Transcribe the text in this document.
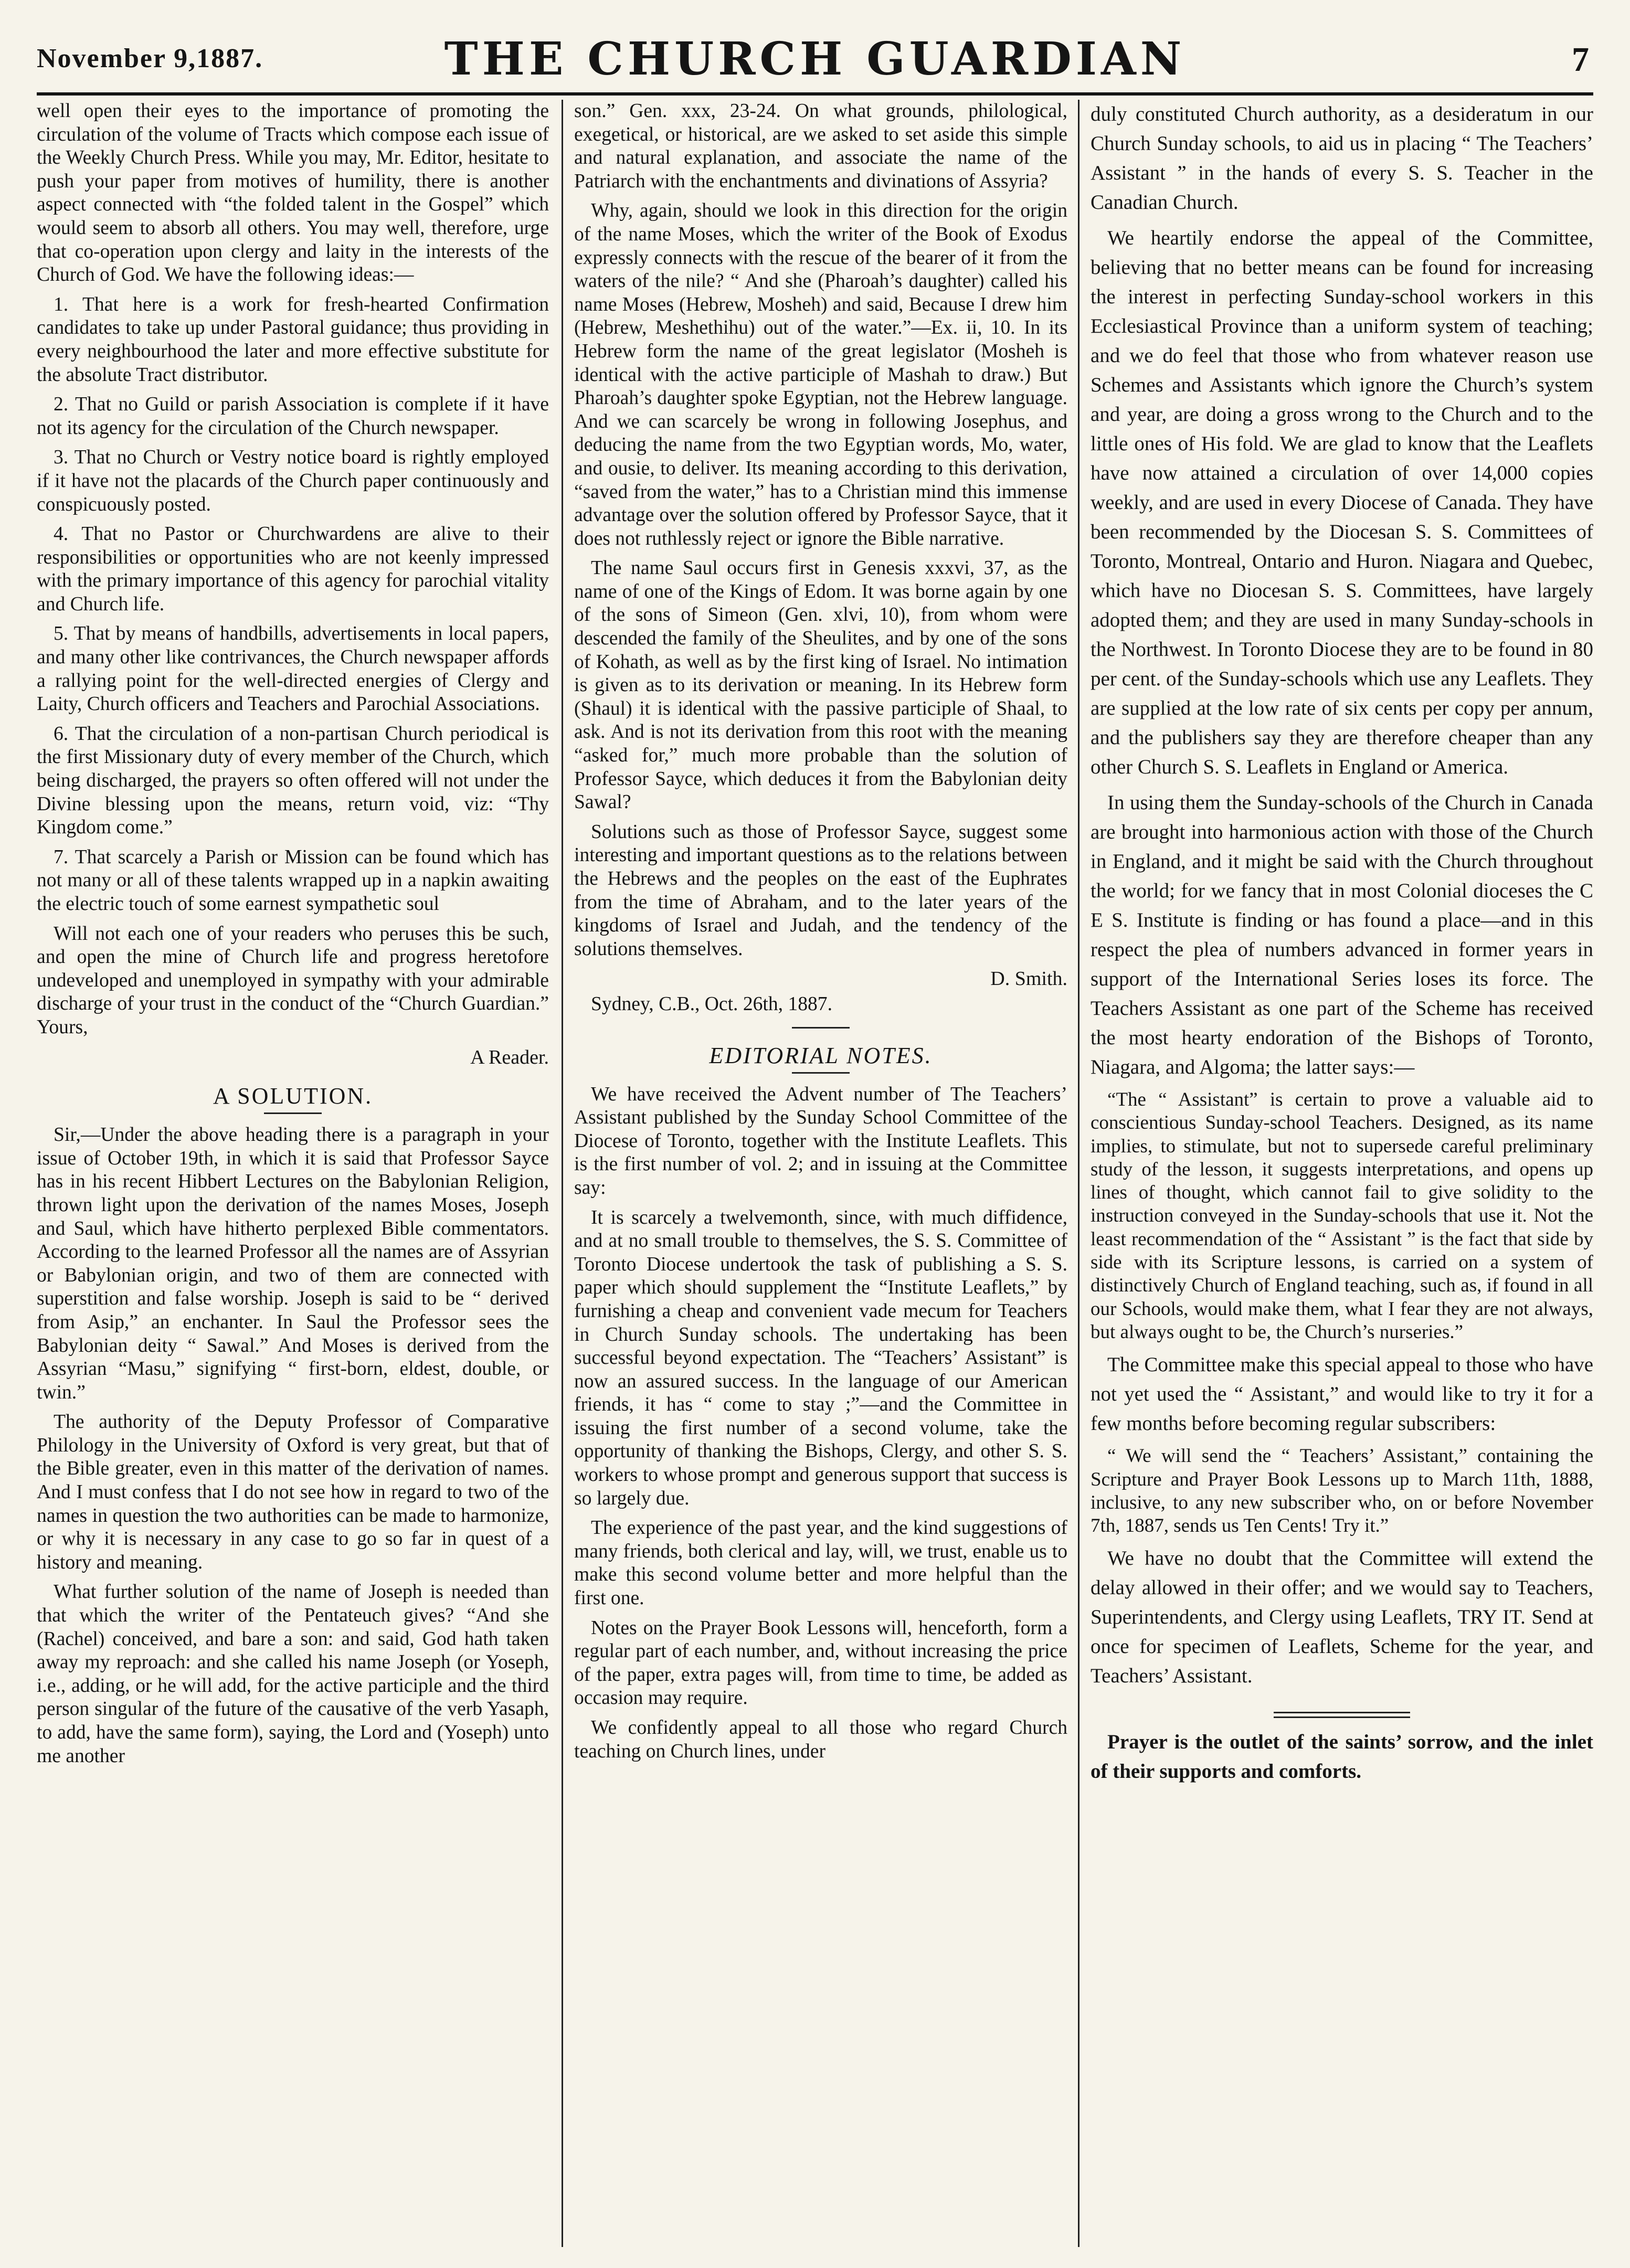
November 9,1887.	THE CHURCH GUARDIAN	7

well open their eyes to the importance of promoting the circulation of the volume of Tracts which compose each issue of the Weekly Church Press. While you may, Mr. Editor, hesitate to push your paper from motives of humility, there is another aspect connected with “the folded talent in the Gospel” which would seem to absorb all others. You may well, therefore, urge that co-operation upon clergy and laity in the interests of the Church of God. We have the following ideas:—

1. That here is a work for fresh-hearted Confirmation candidates to take up under Pastoral guidance; thus providing in every neighbourhood the later and more effective substitute for the absolute Tract distributor.

2. That no Guild or parish Association is complete if it have not its agency for the circulation of the Church newspaper.

3. That no Church or Vestry notice board is rightly employed if it have not the placards of the Church paper continuously and conspicuously posted.

4. That no Pastor or Churchwardens are alive to their responsibilities or opportunities who are not keenly impressed with the primary importance of this agency for parochial vitality and Church life.

5. That by means of handbills, advertisements in local papers, and many other like contrivances, the Church newspaper affords a rallying point for the well-directed energies of Clergy and Laity, Church officers and Teachers and Parochial Associations.

6. That the circulation of a non-partisan Church periodical is the first Missionary duty of every member of the Church, which being discharged, the prayers so often offered will not under the Divine blessing upon the means, return void, viz: “Thy Kingdom come.”

7. That scarcely a Parish or Mission can be found which has not many or all of these talents wrapped up in a napkin awaiting the electric touch of some earnest sympathetic soul

Will not each one of your readers who peruses this be such, and open the mine of Church life and progress heretofore undeveloped and unemployed in sympathy with your admirable discharge of your trust in the conduct of the “Church Guardian.” Yours,

A Reader.

A SOLUTION.

Sir,—Under the above heading there is a paragraph in your issue of October 19th, in which it is said that Professor Sayce has in his recent Hibbert Lectures on the Babylonian Religion, thrown light upon the derivation of the names Moses, Joseph and Saul, which have hitherto perplexed Bible commentators. According to the learned Professor all the names are of Assyrian or Babylonian origin, and two of them are connected with superstition and false worship. Joseph is said to be “ derived from Asip,” an enchanter. In Saul the Professor sees the Babylonian deity “ Sawal.” And Moses is derived from the Assyrian “Masu,” signifying “ first-born, eldest, double, or twin.”

The authority of the Deputy Professor of Comparative Philology in the University of Oxford is very great, but that of the Bible greater, even in this matter of the derivation of names. And I must confess that I do not see how in regard to two of the names in question the two authorities can be made to harmonize, or why it is necessary in any case to go so far in quest of a history and meaning.

What further solution of the name of Joseph is needed than that which the writer of the Pentateuch gives? “And she (Rachel) conceived, and bare a son: and said, God hath taken away my reproach: and she called his name Joseph (or Yoseph, i.e., adding, or he will add, for the active participle and the third person singular of the future of the causative of the verb Yasaph, to add, have the same form), saying, the Lord and (Yoseph) unto me another

son.” Gen. xxx, 23-24. On what grounds, philological, exegetical, or historical, are we asked to set aside this simple and natural explanation, and associate the name of the Patriarch with the enchantments and divinations of Assyria?

Why, again, should we look in this direction for the origin of the name Moses, which the writer of the Book of Exodus expressly connects with the rescue of the bearer of it from the waters of the nile? “ And she (Pharoah’s daughter) called his name Moses (Hebrew, Mosheh) and said, Because I drew him (Hebrew, Meshethihu) out of the water.”—Ex. ii, 10. In its Hebrew form the name of the great legislator (Mosheh is identical with the active participle of Mashah to draw.) But Pharoah’s daughter spoke Egyptian, not the Hebrew language. And we can scarcely be wrong in following Josephus, and deducing the name from the two Egyptian words, Mo, water, and ousie, to deliver. Its meaning according to this derivation, “saved from the water,” has to a Christian mind this immense advantage over the solution offered by Professor Sayce, that it does not ruthlessly reject or ignore the Bible narrative.

The name Saul occurs first in Genesis xxxvi, 37, as the name of one of the Kings of Edom. It was borne again by one of the sons of Simeon (Gen. xlvi, 10), from whom were descended the family of the Sheulites, and by one of the sons of Kohath, as well as by the first king of Israel. No intimation is given as to its derivation or meaning. In its Hebrew form (Shaul) it is identical with the passive participle of Shaal, to ask. And is not its derivation from this root with the meaning “asked for,” much more probable than the solution of Professor Sayce, which deduces it from the Babylonian deity Sawal?

Solutions such as those of Professor Sayce, suggest some interesting and important questions as to the relations between the Hebrews and the peoples on the east of the Euphrates from the time of Abraham, and to the later years of the kingdoms of Israel and Judah, and the tendency of the solutions themselves.

D. Smith.

Sydney, C.B., Oct. 26th, 1887.

EDITORIAL NOTES.

We have received the Advent number of The Teachers’ Assistant published by the Sunday School Committee of the Diocese of Toronto, together with the Institute Leaflets. This is the first number of vol. 2; and in issuing at the Committee say:

It is scarcely a twelvemonth, since, with much diffidence, and at no small trouble to themselves, the S. S. Committee of Toronto Diocese undertook the task of publishing a S. S. paper which should supplement the “Institute Leaflets,” by furnishing a cheap and convenient vade mecum for Teachers in Church Sunday schools. The undertaking has been successful beyond expectation. The “Teachers’ Assistant” is now an assured success. In the language of our American friends, it has “ come to stay ;”—and the Committee in issuing the first number of a second volume, take the opportunity of thanking the Bishops, Clergy, and other S. S. workers to whose prompt and generous support that success is so largely due.

The experience of the past year, and the kind suggestions of many friends, both clerical and lay, will, we trust, enable us to make this second volume better and more helpful than the first one.

Notes on the Prayer Book Lessons will, henceforth, form a regular part of each number, and, without increasing the price of the paper, extra pages will, from time to time, be added as occasion may require.

We confidently appeal to all those who regard Church teaching on Church lines, under

duly constituted Church authority, as a desideratum in our Church Sunday schools, to aid us in placing “ The Teachers’ Assistant ” in the hands of every S. S. Teacher in the Canadian Church.

We heartily endorse the appeal of the Committee, believing that no better means can be found for increasing the interest in perfecting Sunday-school workers in this Ecclesiastical Province than a uniform system of teaching; and we do feel that those who from whatever reason use Schemes and Assistants which ignore the Church’s system and year, are doing a gross wrong to the Church and to the little ones of His fold. We are glad to know that the Leaflets have now attained a circulation of over 14,000 copies weekly, and are used in every Diocese of Canada. They have been recommended by the Diocesan S. S. Committees of Toronto, Montreal, Ontario and Huron. Niagara and Quebec, which have no Diocesan S. S. Committees, have largely adopted them; and they are used in many Sunday-schools in the Northwest. In Toronto Diocese they are to be found in 80 per cent. of the Sunday-schools which use any Leaflets. They are supplied at the low rate of six cents per copy per annum, and the publishers say they are therefore cheaper than any other Church S. S. Leaflets in England or America.

In using them the Sunday-schools of the Church in Canada are brought into harmonious action with those of the Church in England, and it might be said with the Church throughout the world; for we fancy that in most Colonial dioceses the C E S. Institute is finding or has found a place—and in this respect the plea of numbers advanced in former years in support of the International Series loses its force. The Teachers Assistant as one part of the Scheme has received the most hearty endoration of the Bishops of Toronto, Niagara, and Algoma; the latter says:—

“The “ Assistant” is certain to prove a valuable aid to conscientious Sunday-school Teachers. Designed, as its name implies, to stimulate, but not to supersede careful preliminary study of the lesson, it suggests interpretations, and opens up lines of thought, which cannot fail to give solidity to the instruction conveyed in the Sunday-schools that use it. Not the least recommendation of the “ Assistant ” is the fact that side by side with its Scripture lessons, is carried on a system of distinctively Church of England teaching, such as, if found in all our Schools, would make them, what I fear they are not always, but always ought to be, the Church’s nurseries.”

The Committee make this special appeal to those who have not yet used the “ Assistant,” and would like to try it for a few months before becoming regular subscribers:

“ We will send the “ Teachers’ Assistant,” containing the Scripture and Prayer Book Lessons up to March 11th, 1888, inclusive, to any new subscriber who, on or before November 7th, 1887, sends us Ten Cents! Try it.”

We have no doubt that the Committee will extend the delay allowed in their offer; and we would say to Teachers, Superintendents, and Clergy using Leaflets, TRY IT. Send at once for specimen of Leaflets, Scheme for the year, and Teachers’ Assistant.

Prayer is the outlet of the saints’ sorrow, and the inlet of their supports and comforts.
